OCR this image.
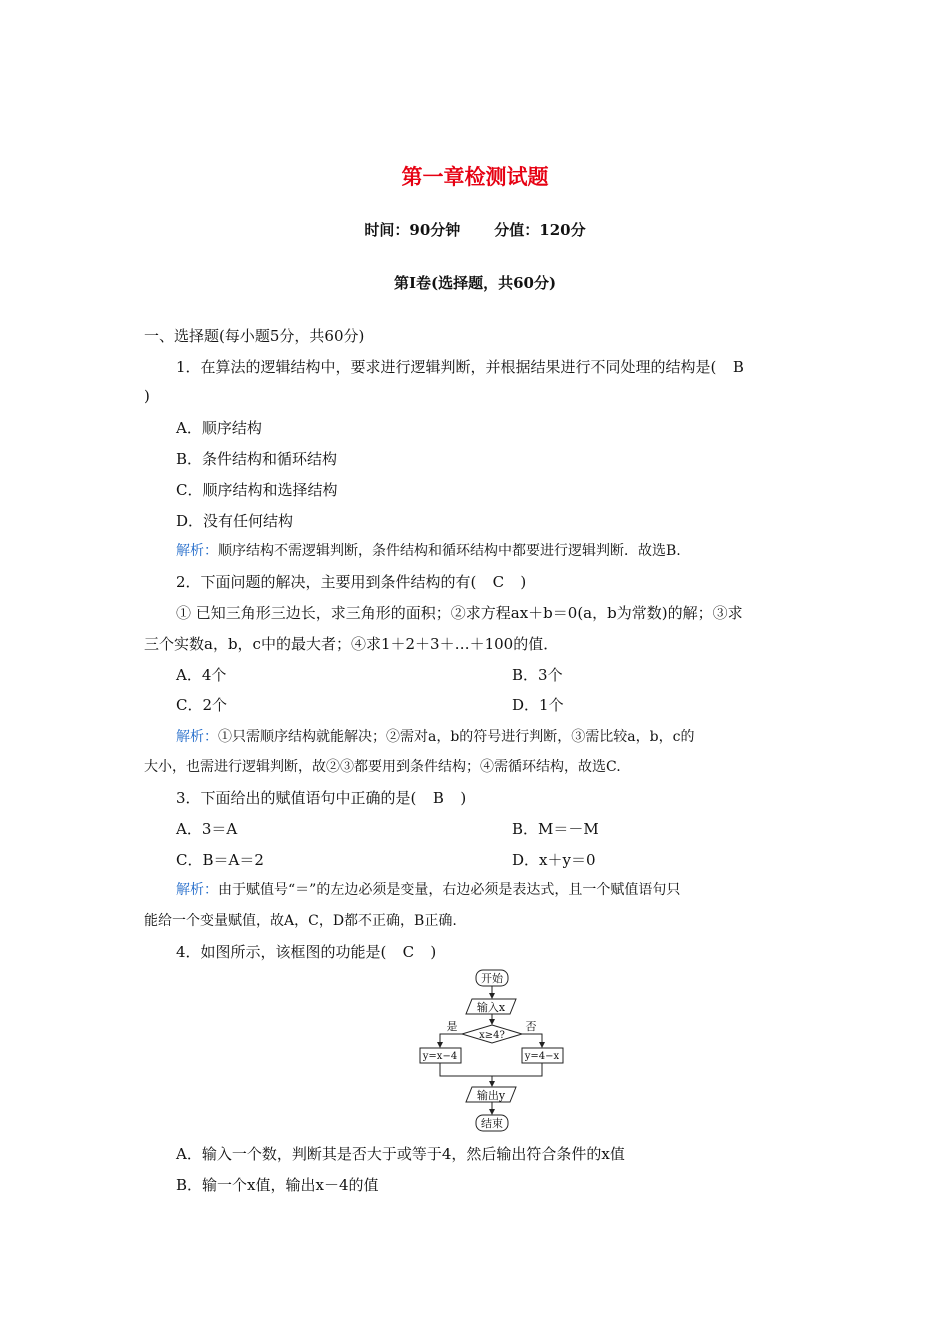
第一章检测试题
时间：90分钟 分值：120分
第Ⅰ卷(选择题，共60分)
一、选择题(每小题5分，共60分)
1．在算法的逻辑结构中，要求进行逻辑判断，并根据结果进行不同处理的结构是( B
)
A．顺序结构
B．条件结构和循环结构
C．顺序结构和选择结构
D．没有任何结构
解析：顺序结构不需逻辑判断，条件结构和循环结构中都要进行逻辑判断．故选B.
2．下面问题的解决，主要用到条件结构的有( C )
① 已知三角形三边长，求三角形的面积；②求方程ax＋b＝0(a，b为常数)的解；③求
三个实数a，b，c中的最大者；④求1＋2＋3＋…＋100的值．
A．4个	B．3个
C．2个	D．1个
解析：①只需顺序结构就能解决；②需对a，b的符号进行判断，③需比较a，b，c的
大小，也需进行逻辑判断，故②③都要用到条件结构；④需循环结构，故选C.
3．下面给出的赋值语句中正确的是( B )
A．3＝A	B．M＝－M
C．B＝A＝2	D．x＋y＝0
解析：由于赋值号“＝”的左边必须是变量，右边必须是表达式，且一个赋值语句只
能给一个变量赋值，故A，C，D都不正确，B正确.
4．如图所示，该框图的功能是( C )
开始
输入x
x≥4?
是	否
y=x−4	y=4−x
输出y
结束
A．输入一个数，判断其是否大于或等于4，然后输出符合条件的x值
B．输一个x值，输出x－4的值
